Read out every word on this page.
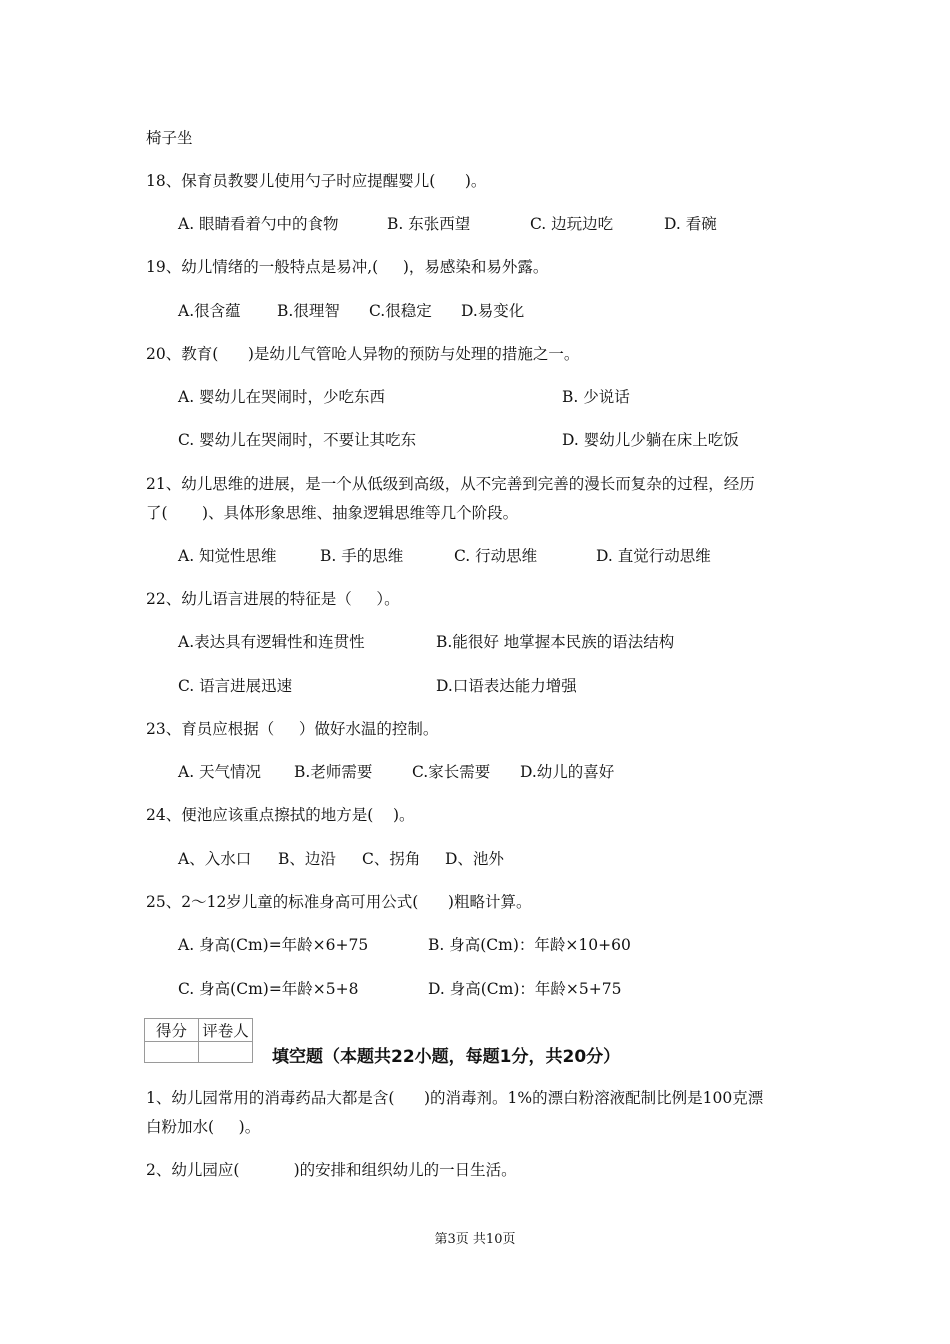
椅子坐
18、保育员教婴儿使用勺子时应提醒婴儿(      )。
A. 眼睛看着勺中的食物	B. 东张西望	C. 边玩边吃	D. 看碗
19、幼儿情绪的一般特点是易冲,(     )，易感染和易外露。
A.很含蕴 B.很理智 C.很稳定 D.易变化
20、教育(      )是幼儿气管呛人异物的预防与处理的措施之一。
A. 婴幼儿在哭闹时，少吃东西	B. 少说话
C. 婴幼儿在哭闹时，不要让其吃东	D. 婴幼儿少躺在床上吃饭
21、幼儿思维的进展，是一个从低级到高级，从不完善到完善的漫长而复杂的过程，经历
了(       )、具体形象思维、抽象逻辑思维等几个阶段。
A. 知觉性思维	B. 手的思维	C. 行动思维	D. 直觉行动思维
22、幼儿语言进展的特征是（     ）。
A.表达具有逻辑性和连贯性	B.能很好 地掌握本民族的语法结构
C. 语言进展迅速	D.口语表达能力增强
23、育员应根据（     ）做好水温的控制。
A. 天气情况 B.老师需要	C.家长需要 D.幼儿的喜好
24、便池应该重点擦拭的地方是(    )。
A、入水口 B、边沿 C、拐角 D、池外
25、2～12岁儿童的标准身高可用公式(      )粗略计算。
A. 身高(Cm)=年龄×6+75	B. 身高(Cm)：年龄×10+60
C. 身高(Cm)=年龄×5+8	D. 身高(Cm)：年龄×5+75
得分	评卷人

填空题（本题共22小题，每题1分，共20分）
1、幼儿园常用的消毒药品大都是含(      )的消毒剂。1%的漂白粉溶液配制比例是100克漂
白粉加水(     )。
2、幼儿园应(           )的安排和组织幼儿的一日生活。
第3页 共10页
